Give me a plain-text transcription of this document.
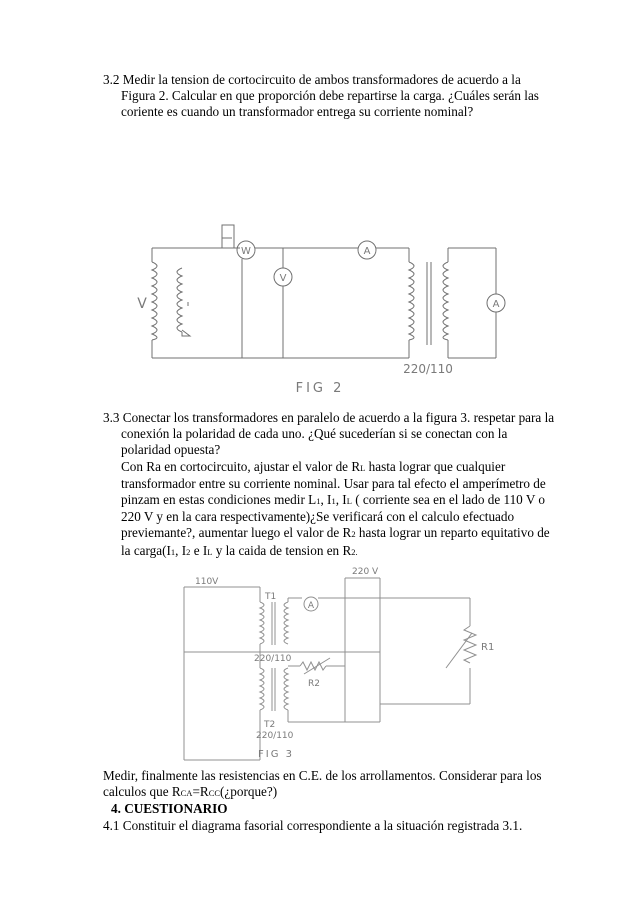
3.2 Medir la tension de cortocircuito de ambos transformadores de acuerdo a la
Figura 2. Calcular en que proporción debe repartirse la carga. ¿Cuáles serán las
coriente es cuando un transformador entrega su corriente nominal?
W	A
V
V	A
220/110
FIG 2
3.3 Conectar los transformadores en paralelo de acuerdo a la figura 3. respetar para la
conexión la polaridad de cada uno. ¿Qué sucederían si se conectan con la
polaridad opuesta?
Con Ra en cortocircuito, ajustar el valor de RL hasta lograr que cualquier
transformador entre su corriente nominal. Usar para tal efecto el amperímetro de
pinzam en estas condiciones medir L1, I1, IL ( corriente sea en el lado de 110 V o
220 V y en la cara respectivamente)¿Se verificará con el calculo efectuado
previemante?, aumentar luego el valor de R2 hasta lograr un reparto equitativo de
la carga(I1, I2 e IL y la caida de tension en R2.
110V
220 V
A
T1
220/110
R1
R2
T2
220/110
FIG 3
Medir, finalmente las resistencias en C.E. de los arrollamentos. Considerar para los
calculos que RCA=RCC(¿porque?)
4. CUESTIONARIO
4.1 Constituir el diagrama fasorial correspondiente a la situación registrada 3.1.
